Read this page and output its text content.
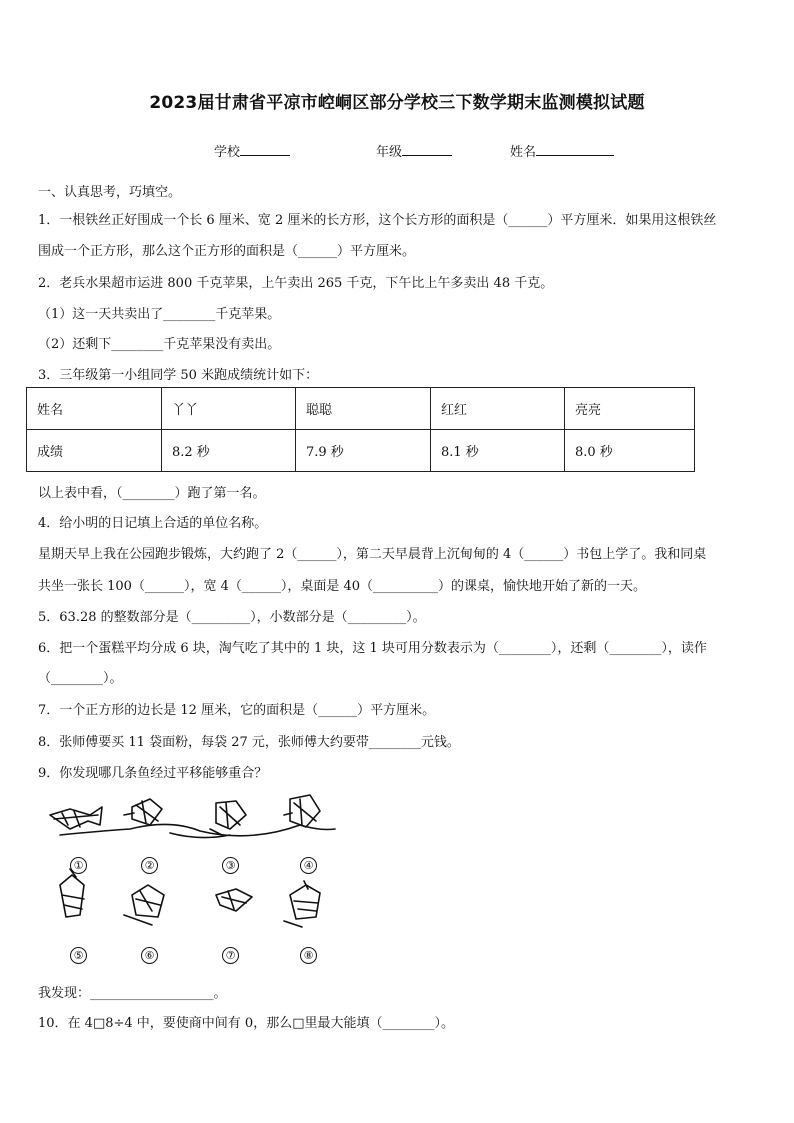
2023届甘肃省平凉市崆峒区部分学校三下数学期末监测模拟试题
学校	年级	姓名
一、认真思考，巧填空。
1．一根铁丝正好围成一个长 6 厘米、宽 2 厘米的长方形，这个长方形的面积是（______）平方厘米．如果用这根铁丝
围成一个正方形，那么这个正方形的面积是（______）平方厘米。
2．老兵水果超市运进 800 千克苹果，上午卖出 265 千克，下午比上午多卖出 48 千克。
（1）这一天共卖出了________千克苹果。
（2）还剩下________千克苹果没有卖出。
3．三年级第一小组同学 50 米跑成绩统计如下：
姓名	丫丫	聪聪	红红	亮亮
成绩	8.2 秒	7.9 秒	8.1 秒	8.0 秒
以上表中看，（________）跑了第一名。
4．给小明的日记填上合适的单位名称。
星期天早上我在公园跑步锻炼，大约跑了 2（______），第二天早晨背上沉甸甸的 4（______）书包上学了。我和同桌
共坐一张长 100（______），宽 4（______），桌面是 40（__________）的课桌，愉快地开始了新的一天。
5．63.28 的整数部分是（_________），小数部分是（_________）。
6．把一个蛋糕平均分成 6 块，淘气吃了其中的 1 块，这 1 块可用分数表示为（________），还剩（________），读作
（________）。
7．一个正方形的边长是 12 厘米，它的面积是（______）平方厘米。
8．张师傅要买 11 袋面粉，每袋 27 元，张师傅大约要带________元钱。
9．你发现哪几条鱼经过平移能够重合？
①	②	③	④
⑤	⑥	⑦	⑧
我发现：___________________。
10．在 4□8÷4 中，要使商中间有 0，那么□里最大能填（________）。
